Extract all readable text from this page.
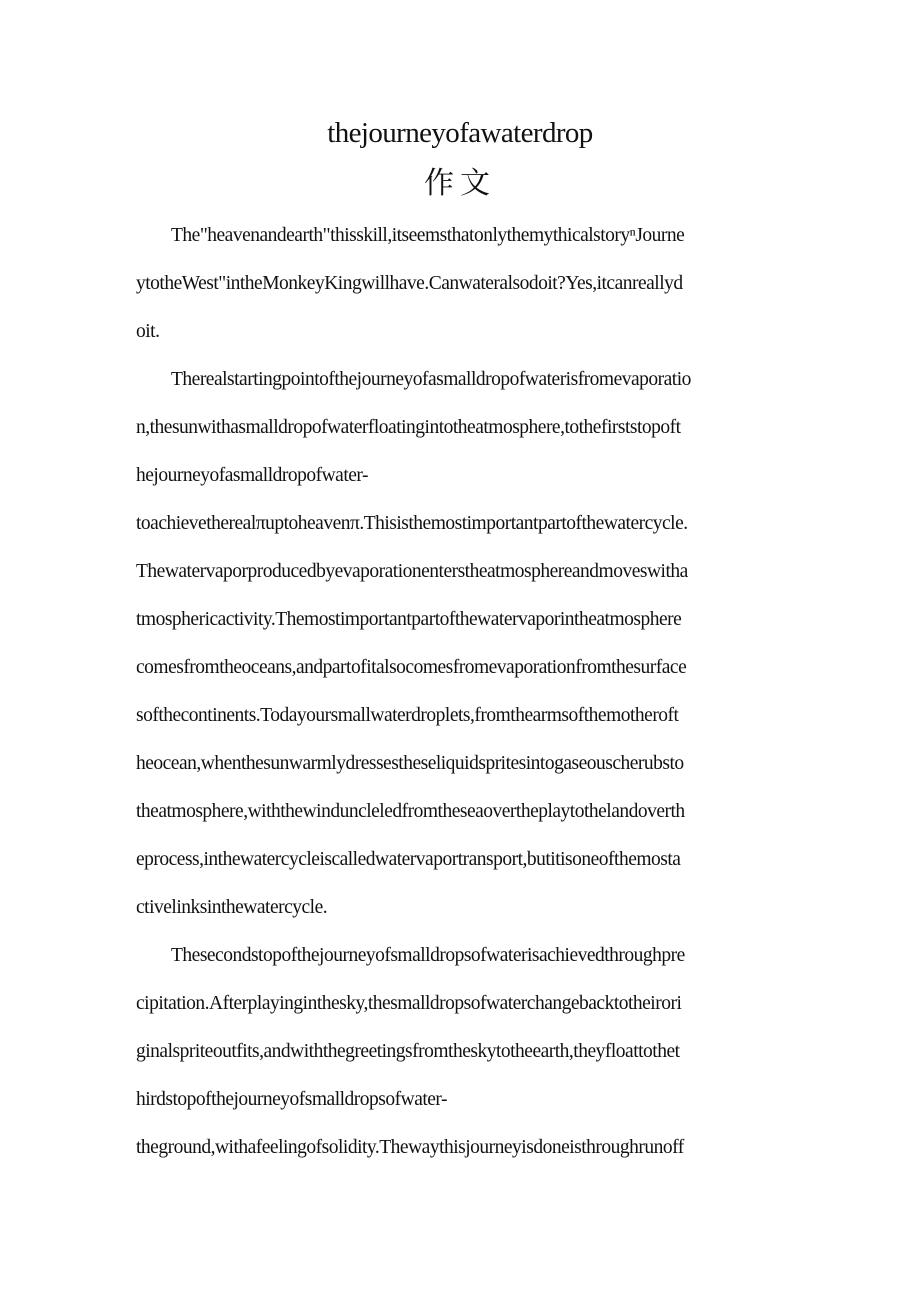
thejourneyofawaterdrop
作文
The"heavenandearth"thisskill,itseemsthatonlythemythicalstoryⁿJourne
ytotheWest"intheMonkeyKingwillhave.Canwateralsodoit?Yes,itcanreallyd
oit.
Therealstartingpointofthejourneyofasmalldropofwaterisfromevaporatio
n,thesunwithasmalldropofwaterfloatingintotheatmosphere,tothefirststopoft
hejourneyofasmalldropofwater-
toachievetherealπuptoheavenπ.Thisisthemostimportantpartofthewatercycle.
Thewatervaporproducedbyevaporationenterstheatmosphereandmoveswitha
tmosphericactivity.Themostimportantpartofthewatervaporintheatmosphere
comesfromtheoceans,andpartofitalsocomesfromevaporationfromthesurface
softhecontinents.Todayoursmallwaterdroplets,fromthearmsofthemotheroft
heocean,whenthesunwarmlydressestheseliquidspritesintogaseouscherubsto
theatmosphere,withthewinduncleledfromtheseaovertheplaytothelandoverth
eprocess,inthewatercycleiscalledwatervaportransport,butitisoneofthemosta
ctivelinksinthewatercycle.
Thesecondstopofthejourneyofsmalldropsofwaterisachievedthroughpre
cipitation.Afterplayinginthesky,thesmalldropsofwaterchangebacktotheirori
ginalspriteoutfits,andwiththegreetingsfromtheskytotheearth,theyfloattothet
hirdstopofthejourneyofsmalldropsofwater-
theground,withafeelingofsolidity.Thewaythisjourneyisdoneisthroughrunoff
